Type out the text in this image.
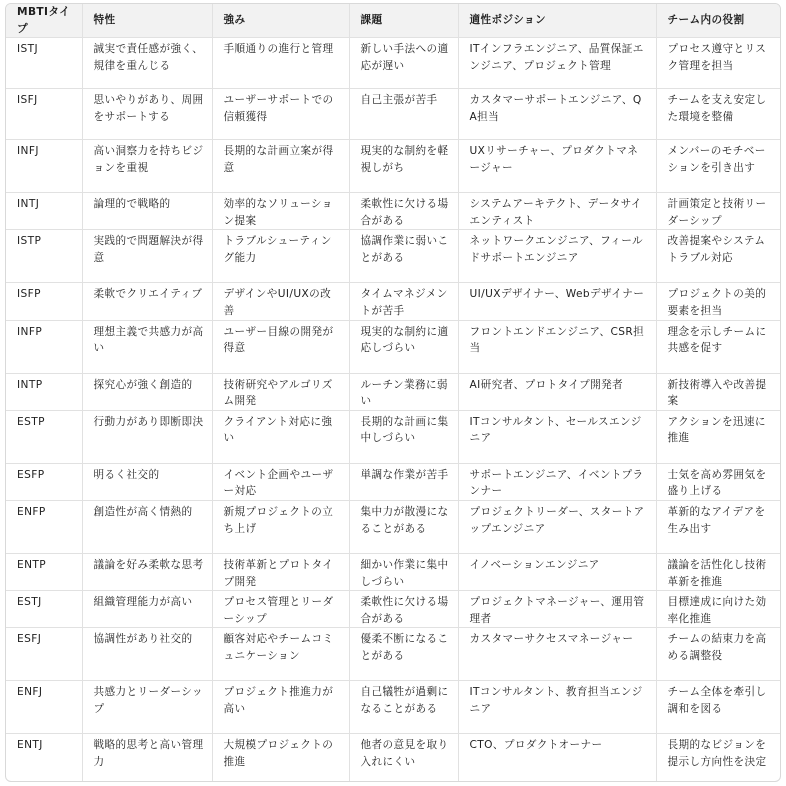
MBTIタイプ	特性	強み	課題	適性ポジション	チーム内の役割
ISTJ	誠実で責任感が強く、規律を重んじる	手順通りの進行と管理	新しい手法への適応が遅い	ITインフラエンジニア、品質保証エンジニア、プロジェクト管理	プロセス遵守とリスク管理を担当
ISFJ	思いやりがあり、周囲をサポートする	ユーザーサポートでの信頼獲得	自己主張が苦手	カスタマーサポートエンジニア、QA担当	チームを支え安定した環境を整備
INFJ	高い洞察力を持ちビジョンを重視	長期的な計画立案が得意	現実的な制約を軽視しがち	UXリサーチャー、プロダクトマネージャー	メンバーのモチベーションを引き出す
INTJ	論理的で戦略的	効率的なソリューション提案	柔軟性に欠ける場合がある	システムアーキテクト、データサイエンティスト	計画策定と技術リーダーシップ
ISTP	実践的で問題解決が得意	トラブルシューティング能力	協調作業に弱いことがある	ネットワークエンジニア、フィールドサポートエンジニア	改善提案やシステムトラブル対応
ISFP	柔軟でクリエイティブ	デザインやUI/UXの改善	タイムマネジメントが苦手	UI/UXデザイナー、Webデザイナー	プロジェクトの美的要素を担当
INFP	理想主義で共感力が高い	ユーザー目線の開発が得意	現実的な制約に適応しづらい	フロントエンドエンジニア、CSR担当	理念を示しチームに共感を促す
INTP	探究心が強く創造的	技術研究やアルゴリズム開発	ルーチン業務に弱い	AI研究者、プロトタイプ開発者	新技術導入や改善提案
ESTP	行動力があり即断即決	クライアント対応に強い	長期的な計画に集中しづらい	ITコンサルタント、セールスエンジニア	アクションを迅速に推進
ESFP	明るく社交的	イベント企画やユーザー対応	単調な作業が苦手	サポートエンジニア、イベントプランナー	士気を高め雰囲気を盛り上げる
ENFP	創造性が高く情熱的	新規プロジェクトの立ち上げ	集中力が散漫になることがある	プロジェクトリーダー、スタートアップエンジニア	革新的なアイデアを生み出す
ENTP	議論を好み柔軟な思考	技術革新とプロトタイプ開発	細かい作業に集中しづらい	イノベーションエンジニア	議論を活性化し技術革新を推進
ESTJ	組織管理能力が高い	プロセス管理とリーダーシップ	柔軟性に欠ける場合がある	プロジェクトマネージャー、運用管理者	目標達成に向けた効率化推進
ESFJ	協調性があり社交的	顧客対応やチームコミュニケーション	優柔不断になることがある	カスタマーサクセスマネージャー	チームの結束力を高める調整役
ENFJ	共感力とリーダーシップ	プロジェクト推進力が高い	自己犠牲が過剰になることがある	ITコンサルタント、教育担当エンジニア	チーム全体を牽引し調和を図る
ENTJ	戦略的思考と高い管理力	大規模プロジェクトの推進	他者の意見を取り入れにくい	CTO、プロダクトオーナー	長期的なビジョンを提示し方向性を決定
